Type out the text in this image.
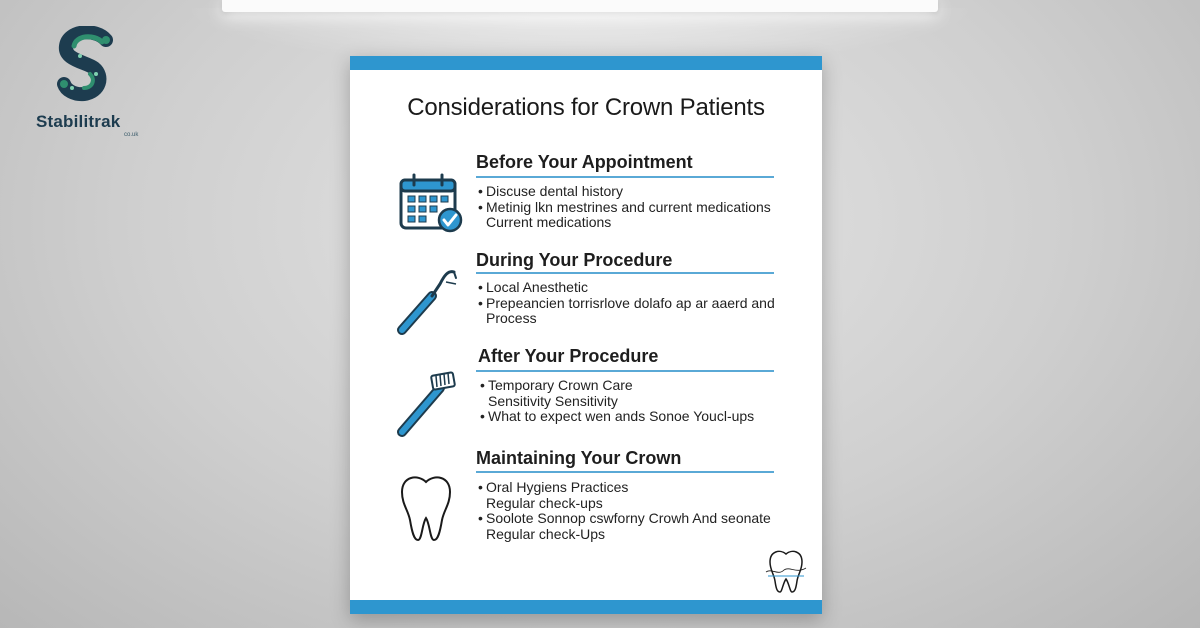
Stabilitrak
co.uk
Considerations for Crown Patients
Before Your Appointment
• Discuse dental history
• Metinig lkn mestrines and current medications
Current medications
During Your Procedure
• Local Anesthetic
• Prepeancien torrisrlove dolafo ap ar aaerd and
Process
After Your Procedure
• Temporary Crown Care
Sensitivity Sensitivity
• What to expect wen ands Sonoe Youcl-ups
Maintaining Your Crown
• Oral Hygiens Practices
Regular check-ups
• Soolote Sonnop cswforny Crowh And seonate
Regular check-Ups
